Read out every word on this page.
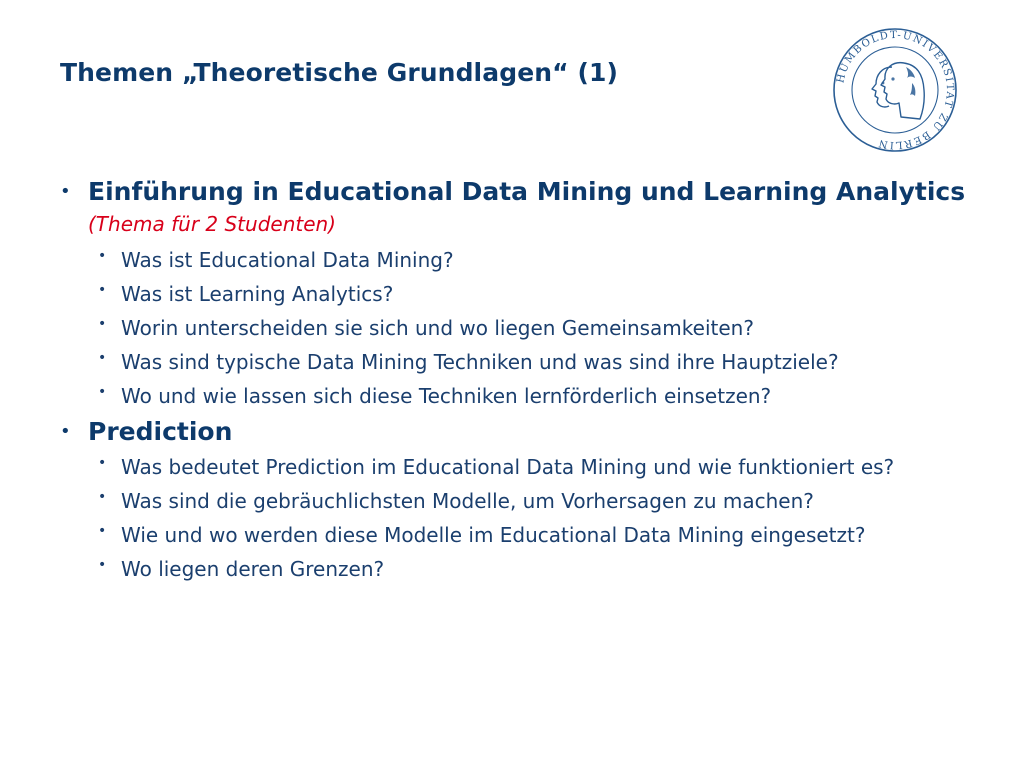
Themen „Theoretische Grundlagen“ (1)	HUMBOLDT-UNIVERSITÄT ZU BERLIN
• Einführung in Educational Data Mining und Learning Analytics (Thema für 2 Studenten)
• Was ist Educational Data Mining?
• Was ist Learning Analytics?
• Worin unterscheiden sie sich und wo liegen Gemeinsamkeiten?
• Was sind typische Data Mining Techniken und was sind ihre Hauptziele?
• Wo und wie lassen sich diese Techniken lernförderlich einsetzen?
• Prediction
• Was bedeutet Prediction im Educational Data Mining und wie funktioniert es?
• Was sind die gebräuchlichsten Modelle, um Vorhersagen zu machen?
• Wie und wo werden diese Modelle im Educational Data Mining eingesetzt?
• Wo liegen deren Grenzen?
